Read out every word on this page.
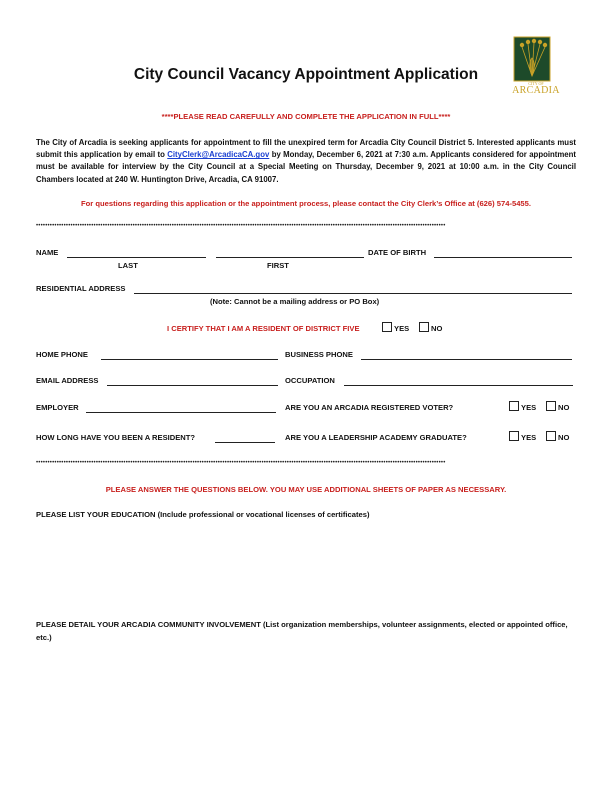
CITY OF
ARCADIA
City Council Vacancy Appointment Application
****PLEASE READ CAREFULLY AND COMPLETE THE APPLICATION IN FULL****
The City of Arcadia is seeking applicants for appointment to fill the unexpired term for Arcadia City Council District 5. Interested applicants must submit this application by email to CityClerk@ArcadicaCA.gov by Monday, December 6, 2021 at 7:30 a.m. Applicants considered for appointment must be available for interview by the City Council at a Special Meeting on Thursday, December 9, 2021 at 10:00 a.m. in the City Council Chambers located at 240 W. Huntington Drive, Arcadia, CA 91007.
For questions regarding this application or the appointment process, please contact the City Clerk’s Office at (626) 574-5455.
••••••••••••••••••••••••••••••••••••••••••••••••••••••••••••••••••••••••••••••••••••••••••••••••••••••••••••••••••••••••••••••••••••••••••••••••••••••••••••••••••••••••••••••••••
NAME	DATE OF BIRTH
LAST	FIRST
RESIDENTIAL ADDRESS
(Note: Cannot be a mailing address or PO Box)
I CERTIFY THAT I AM A RESIDENT OF DISTRICT FIVE	YES	NO
HOME PHONE	BUSINESS PHONE
EMAIL ADDRESS	OCCUPATION
EMPLOYER	ARE YOU AN ARCADIA REGISTERED VOTER?	YES	NO
HOW LONG HAVE YOU BEEN A RESIDENT?	ARE YOU A LEADERSHIP ACADEMY GRADUATE?	YES	NO
••••••••••••••••••••••••••••••••••••••••••••••••••••••••••••••••••••••••••••••••••••••••••••••••••••••••••••••••••••••••••••••••••••••••••••••••••••••••••••••••••••••••••••••••••
PLEASE ANSWER THE QUESTIONS BELOW. YOU MAY USE ADDITIONAL SHEETS OF PAPER AS NECESSARY.
PLEASE LIST YOUR EDUCATION (Include professional or vocational licenses of certificates)
PLEASE DETAIL YOUR ARCADIA COMMUNITY INVOLVEMENT (List organization memberships, volunteer assignments, elected or appointed office, etc.)
